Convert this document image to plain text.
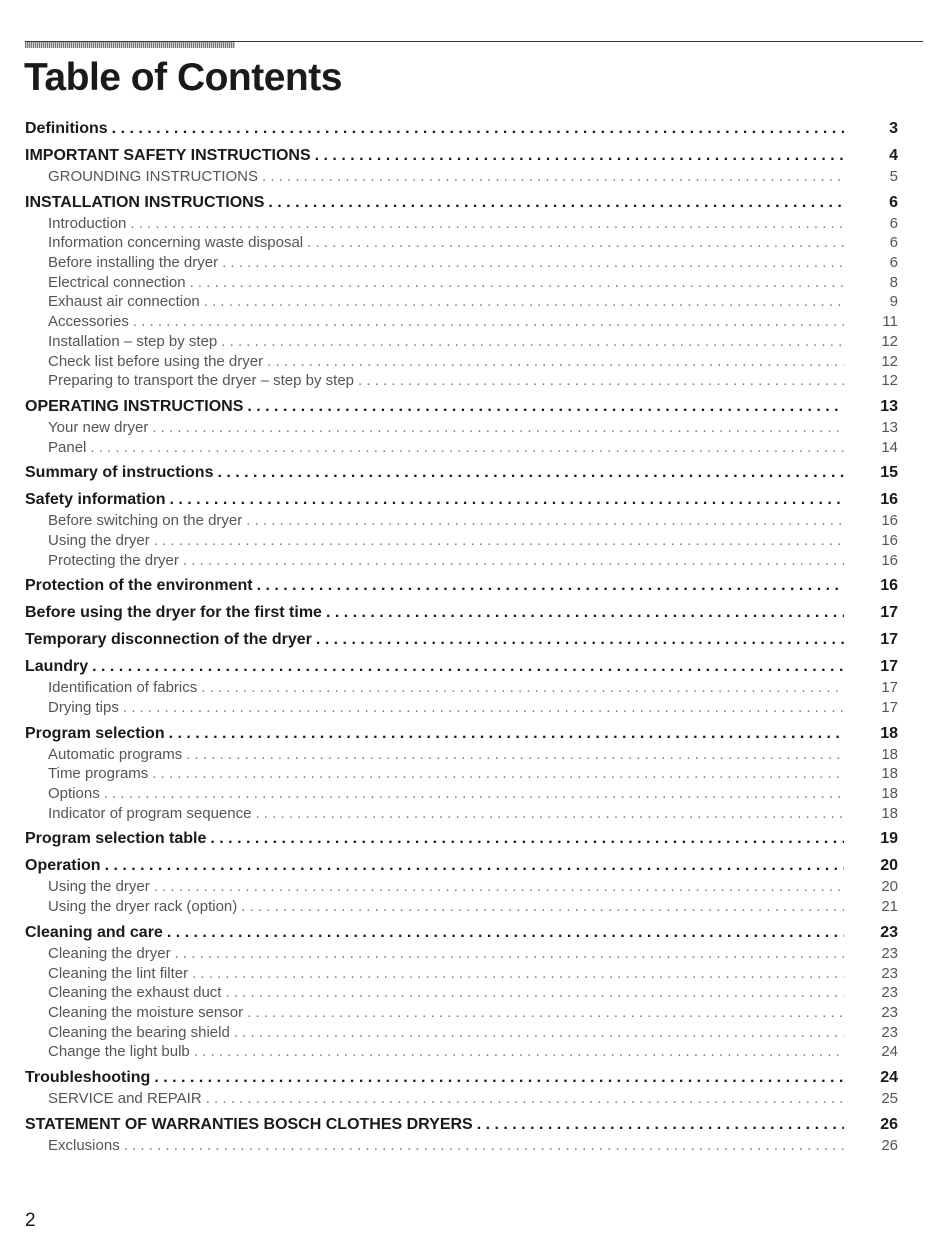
Table of Contents
Definitions . . .	3
IMPORTANT SAFETY INSTRUCTIONS . . .	4
GROUNDING INSTRUCTIONS . . .	5
INSTALLATION INSTRUCTIONS . . .	6
Introduction . . .	6
Information concerning waste disposal . . .	6
Before installing the dryer . . .	6
Electrical connection . . .	8
Exhaust air connection . . .	9
Accessories . . .	11
Installation – step by step . . .	12
Check list before using the dryer . . .	12
Preparing to transport the dryer – step by step . . .	12
OPERATING INSTRUCTIONS . . .	13
Your new dryer . . .	13
Panel . . .	14
Summary of instructions . . .	15
Safety information . . .	16
Before switching on the dryer . . .	16
Using the dryer . . .	16
Protecting the dryer . . .	16
Protection of the environment . . .	16
Before using the dryer for the first time . . .	17
Temporary disconnection of the dryer . . .	17
Laundry . . .	17
Identification of fabrics . . .	17
Drying tips . . .	17
Program selection . . .	18
Automatic programs . . .	18
Time programs . . .	18
Options . . .	18
Indicator of program sequence . . .	18
Program selection table . . .	19
Operation . . .	20
Using the dryer . . .	20
Using the dryer rack (option) . . .	21
Cleaning and care . . .	23
Cleaning the dryer . . .	23
Cleaning the lint filter . . .	23
Cleaning the exhaust duct . . .	23
Cleaning the moisture sensor . . .	23
Cleaning the bearing shield . . .	23
Change the light bulb . . .	24
Troubleshooting . . .	24
SERVICE and REPAIR . . .	25
STATEMENT OF WARRANTIES BOSCH CLOTHES DRYERS . . .	26
Exclusions . . .	26
2
